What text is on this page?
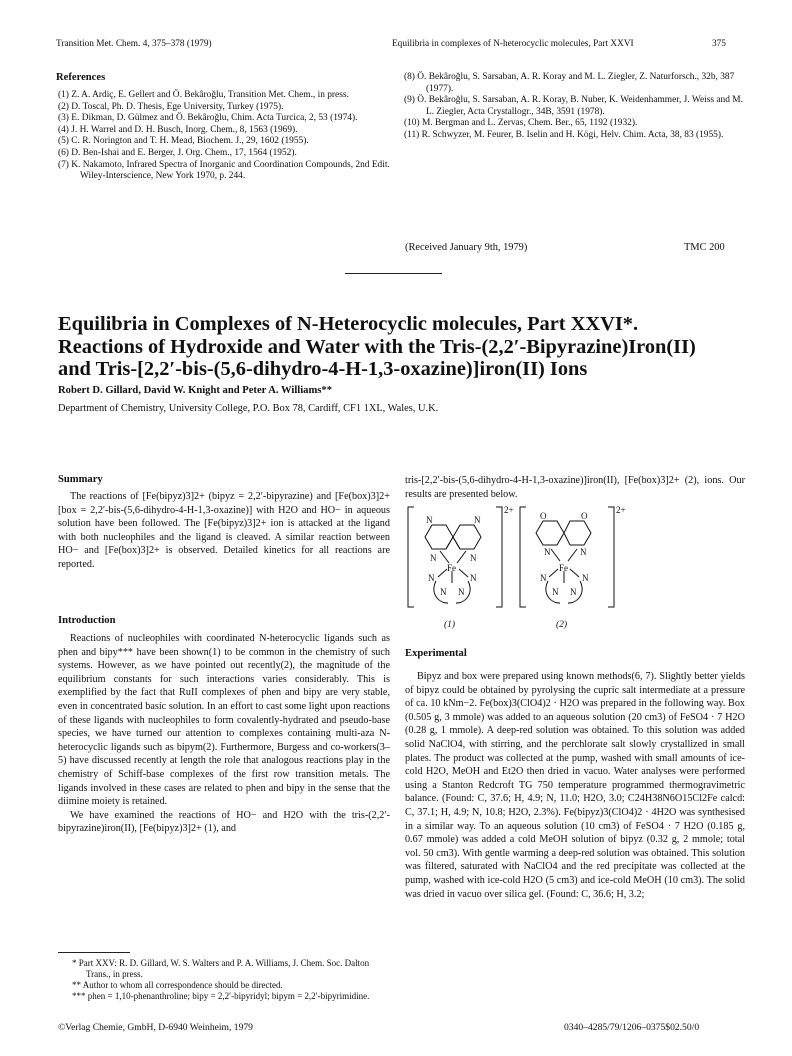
Transition Met. Chem. 4, 375–378 (1979)	Equilibria in complexes of N-heterocyclic molecules, Part XXVI	375
References

(1) Z. A. Ardiç, E. Gellert and Ö. Bekâroğlu, Transition Met. Chem., in press.

(2) D. Toscal, Ph. D. Thesis, Ege University, Turkey (1975).

(3) E. Dikman, D. Gülmez and Ö. Bekâroğlu, Chim. Acta Turcica, 2, 53 (1974).

(4) J. H. Warrel and D. H. Busch, Inorg. Chem., 8, 1563 (1969).

(5) C. R. Norington and T. H. Mead, Biochem. J., 29, 1602 (1955).

(6) D. Ben-Ishai and E. Berger, J. Org. Chem., 17, 1564 (1952).

(7) K. Nakamoto, Infrared Spectra of Inorganic and Coordination Compounds, 2nd Edit. Wiley-Interscience, New York 1970, p. 244.

(8) Ö. Bekâroğlu, S. Sarsaban, A. R. Koray and M. L. Ziegler, Z. Naturforsch., 32b, 387 (1977).

(9) Ö. Bekâroğlu, S. Sarsaban, A. R. Koray, B. Nuber, K. Weidenhammer, J. Weiss and M. L. Ziegler, Acta Crystallogr., 34B, 3591 (1978).

(10) M. Bergman and L. Zervas, Chem. Ber., 65, 1192 (1932).

(11) R. Schwyzer, M. Feurer, B. Iselin and H. Kögi, Helv. Chim. Acta, 38, 83 (1955).

(Received January 9th, 1979)	TMC 200
Equilibria in Complexes of N-Heterocyclic molecules, Part XXVI*.
Reactions of Hydroxide and Water with the Tris-(2,2′-Bipyrazine)Iron(II)
and Tris-[2,2′-bis-(5,6-dihydro-4-H-1,3-oxazine)]iron(II) Ions
Robert D. Gillard, David W. Knight and Peter A. Williams**
Department of Chemistry, University College, P.O. Box 78, Cardiff, CF1 1XL, Wales, U.K.
Summary

The reactions of [Fe(bipyz)3]2+ (bipyz = 2,2′-bipyrazine) and [Fe(box)3]2+ [box = 2,2′-bis-(5,6-dihydro-4-H-1,3-oxazine)] with H2O and HO− in aqueous solution have been followed. The [Fe(bipyz)3]2+ ion is attacked at the ligand with both nucleophiles and the ligand is cleaved. A similar reaction between HO− and [Fe(box)3]2+ is observed. Detailed kinetics for all reactions are reported.

Introduction

Reactions of nucleophiles with coordinated N-heterocyclic ligands such as phen and bipy*** have been shown(1) to be common in the chemistry of such systems. However, as we have pointed out recently(2), the magnitude of the equilibrium constants for such interactions varies considerably. This is exemplified by the fact that RuII complexes of phen and bipy are very stable, even in concentrated basic solution. In an effort to cast some light upon reactions of these ligands with nucleophiles to form covalently-hydrated and pseudo-base species, we have turned our attention to complexes containing multi-aza N-heterocyclic ligands such as bipym(2). Furthermore, Burgess and co-workers(3–5) have discussed recently at length the role that analogous reactions play in the chemistry of Schiff-base complexes of the first row transition metals. The ligands involved in these cases are related to phen and bipy in the sense that the diimine moiety is retained.

We have examined the reactions of HO− and H2O with the tris-(2,2′-bipyrazine)iron(II), [Fe(bipyz)3]2+ (1), and

* Part XXV: R. D. Gillard, W. S. Walters and P. A. Williams, J. Chem. Soc. Dalton Trans., in press.

** Author to whom all correspondence should be directed.

*** phen = 1,10-phenanthroline; bipy = 2,2′-bipyridyl; bipym = 2,2′-bipyrimidine.

tris-[2,2′-bis-(5,6-dihydro-4-H-1,3-oxazine)]iron(II), [Fe(box)3]2+ (2), ions. Our results are presented below.
2+	2+
N	N
N	N
Fe
N	N
N N
O	O
N	N
Fe
N	N
N N
(1)	(2)
Experimental

Bipyz and box were prepared using known methods(6, 7). Slightly better yields of bipyz could be obtained by pyrolysing the cupric salt intermediate at a pressure of ca. 10 kNm−2. Fe(box)3(ClO4)2 · H2O was prepared in the following way. Box (0.505 g, 3 mmole) was added to an aqueous solution (20 cm3) of FeSO4 · 7 H2O (0.28 g, 1 mmole). A deep-red solution was obtained. To this solution was added solid NaClO4, with stirring, and the perchlorate salt slowly crystallized in small plates. The product was collected at the pump, washed with small amounts of ice-cold H2O, MeOH and Et2O then dried in vacuo. Water analyses were performed using a Stanton Redcroft TG 750 temperature programmed thermogravimetric balance. (Found: C, 37.6; H, 4.9; N, 11.0; H2O, 3.0; C24H38N6O15Cl2Fe calcd: C, 37.1; H, 4.9; N, 10.8; H2O, 2.3%). Fe(bipyz)3(ClO4)2 · 4H2O was synthesised in a similar way. To an aqueous solution (10 cm3) of FeSO4 · 7 H2O (0.185 g, 0.67 mmole) was added a cold MeOH solution of bipyz (0.32 g, 2 mmole; total vol. 50 cm3). With gentle warming a deep-red solution was obtained. This solution was filtered, saturated with NaClO4 and the red precipitate was collected at the pump, washed with ice-cold H2O (5 cm3) and ice-cold MeOH (10 cm3). The solid was dried in vacuo over silica gel. (Found: C, 36.6; H, 3.2;

©Verlag Chemie, GmbH, D-6940 Weinheim, 1979	0340–4285/79/1206–0375$02.50/0
